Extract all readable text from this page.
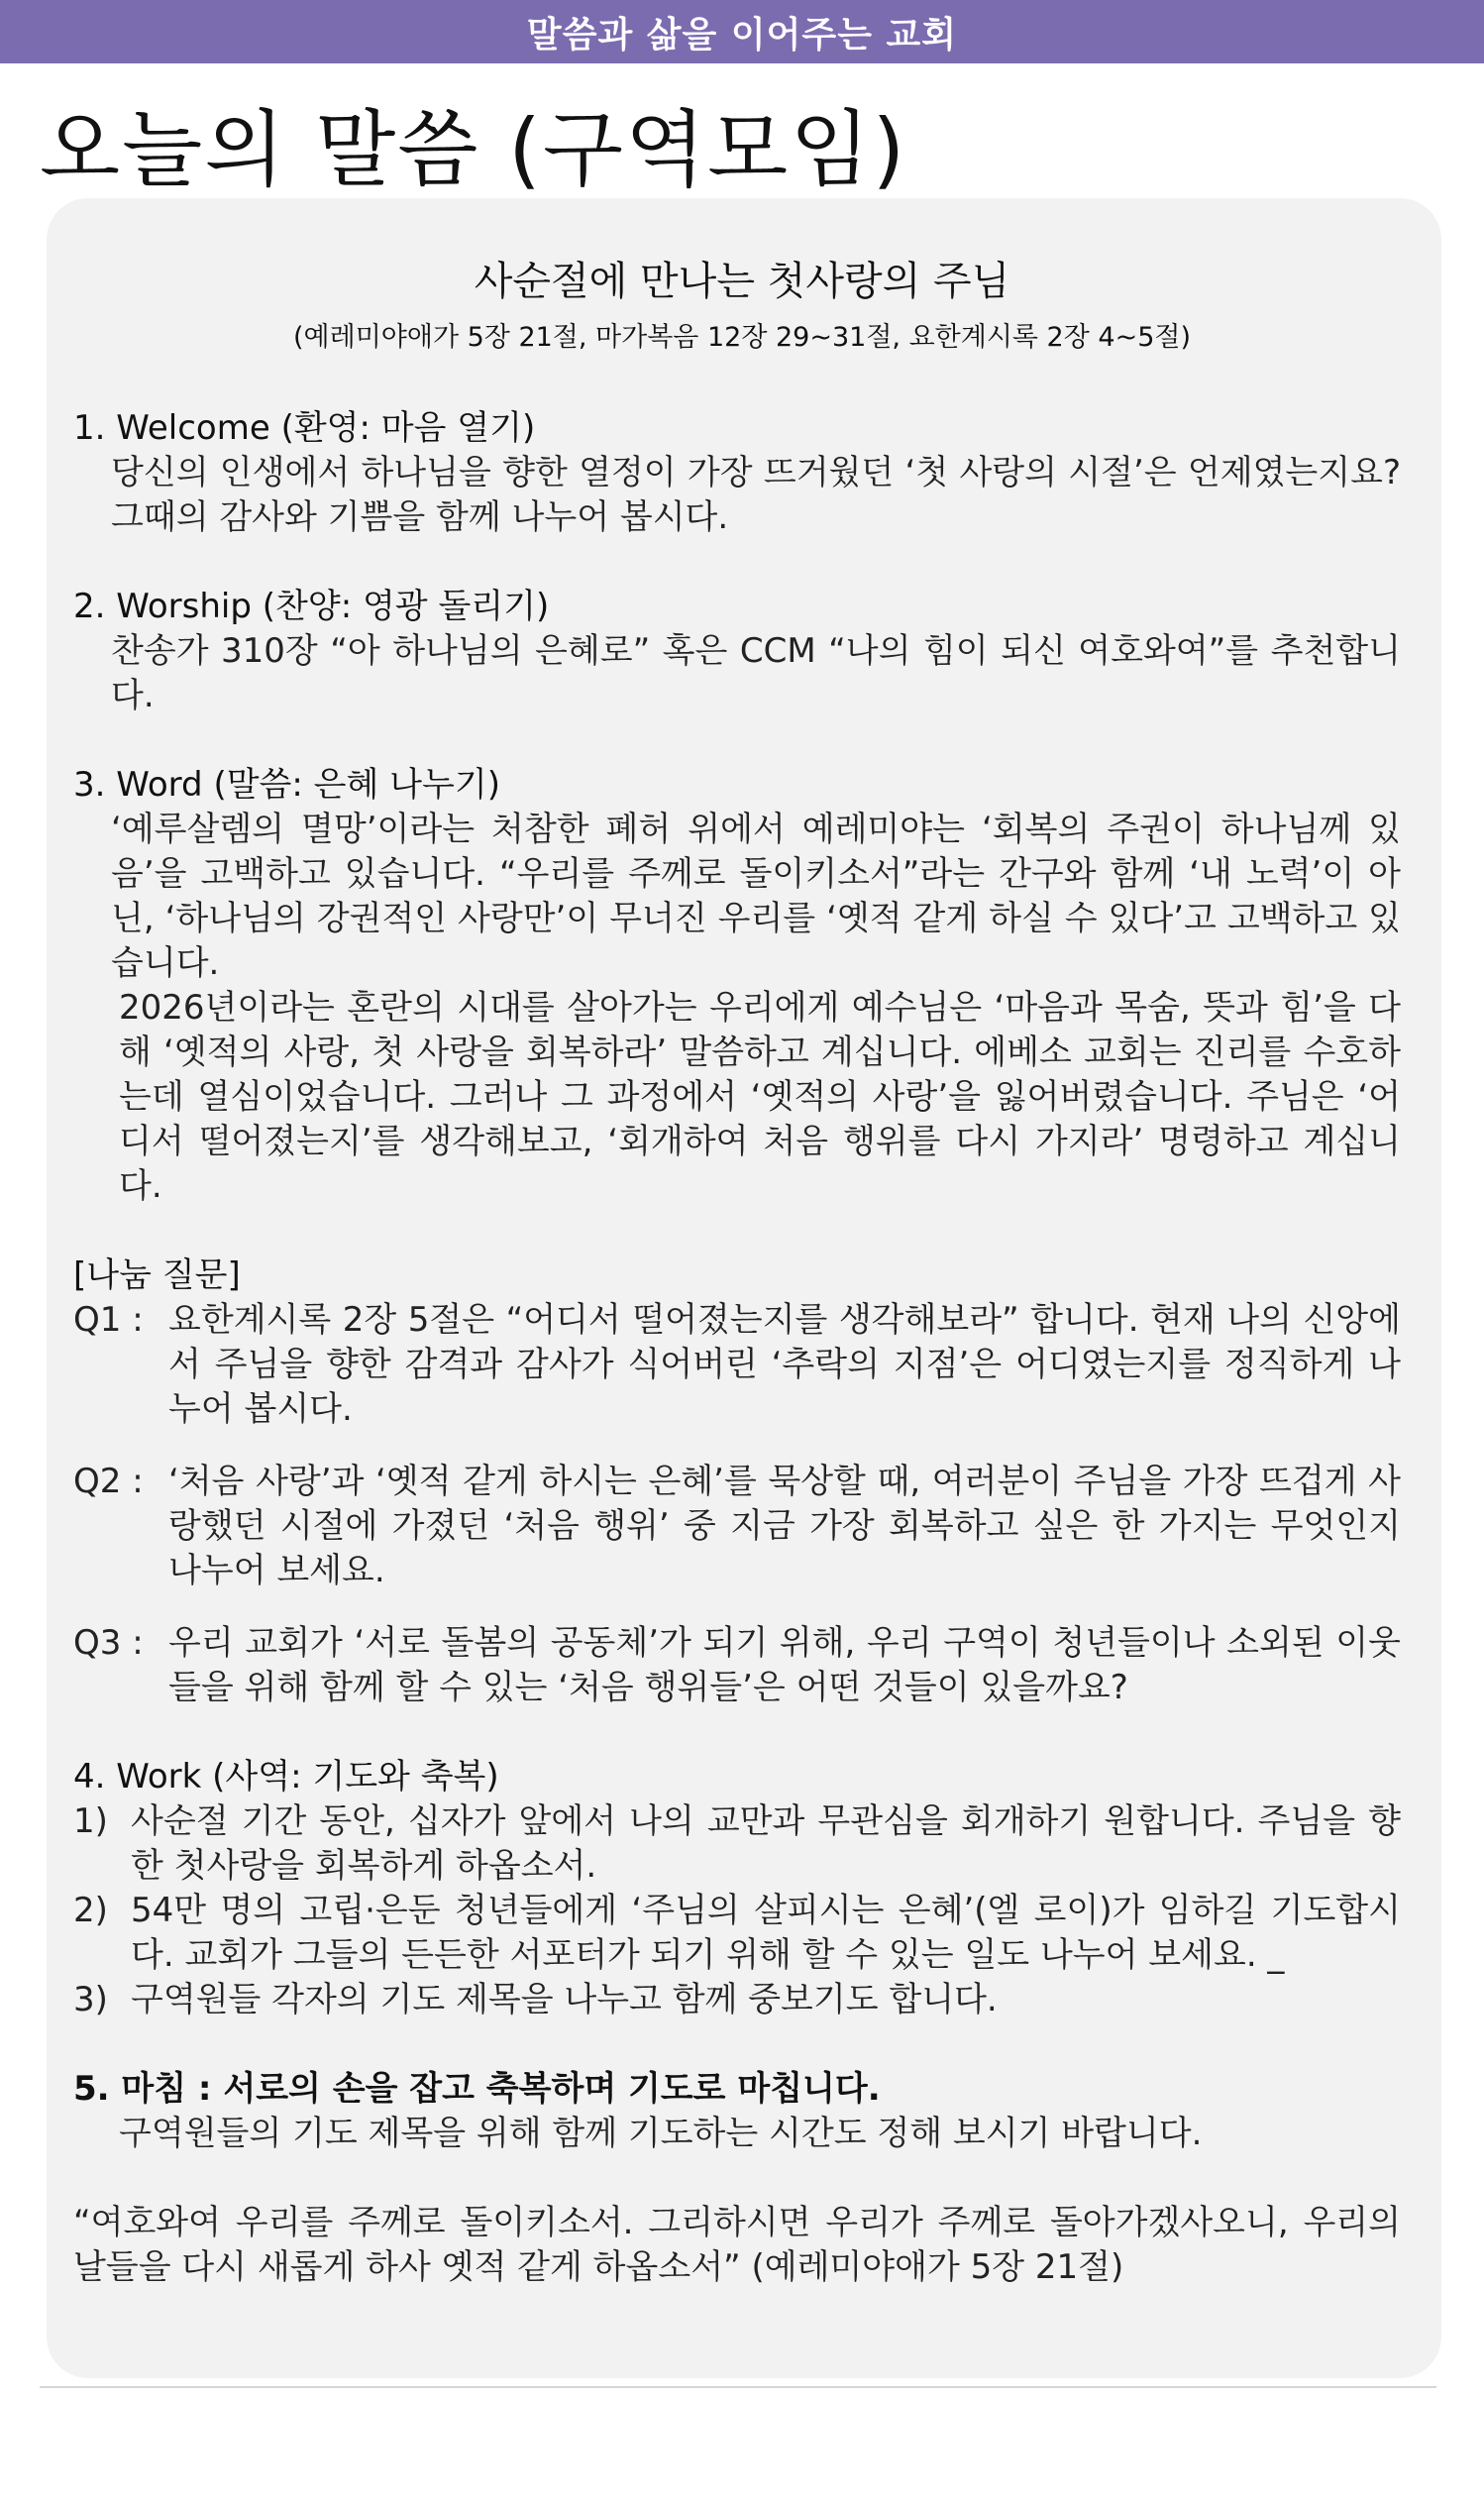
말씀과 삶을 이어주는 교회
오늘의 말씀 (구역모임)
사순절에 만나는 첫사랑의 주님
(예레미야애가 5장 21절, 마가복음 12장 29~31절, 요한계시록 2장 4~5절)

1. Welcome (환영: 마음 열기)

당신의 인생에서 하나님을 향한 열정이 가장 뜨거웠던 ‘첫 사랑의 시절’은 언제였는지요? 그때의 감사와 기쁨을 함께 나누어 봅시다.

2. Worship (찬양: 영광 돌리기)

찬송가 310장 “아 하나님의 은혜로” 혹은 CCM “나의 힘이 되신 여호와여”를 추천합니다.

3. Word (말씀: 은혜 나누기)

‘예루살렘의 멸망’이라는 처참한 폐허 위에서 예레미야는 ‘회복의 주권이 하나님께 있음’을 고백하고 있습니다. “우리를 주께로 돌이키소서”라는 간구와 함께 ‘내 노력’이 아닌, ‘하나님의 강권적인 사랑만’이 무너진 우리를 ‘옛적 같게 하실 수 있다’고 고백하고 있습니다.

2026년이라는 혼란의 시대를 살아가는 우리에게 예수님은 ‘마음과 목숨, 뜻과 힘’을 다해 ‘옛적의 사랑, 첫 사랑을 회복하라’ 말씀하고 계십니다. 에베소 교회는 진리를 수호하는데 열심이었습니다. 그러나 그 과정에서 ‘옛적의 사랑’을 잃어버렸습니다. 주님은 ‘어디서 떨어졌는지’를 생각해보고, ‘회개하여 처음 행위를 다시 가지라’ 명령하고 계십니다.

[나눔 질문]

Q1 : 요한계시록 2장 5절은 “어디서 떨어졌는지를 생각해보라” 합니다. 현재 나의 신앙에서 주님을 향한 감격과 감사가 식어버린 ‘추락의 지점’은 어디였는지를 정직하게 나누어 봅시다.
Q2 : ‘처음 사랑’과 ‘옛적 같게 하시는 은혜’를 묵상할 때, 여러분이 주님을 가장 뜨겁게 사랑했던 시절에 가졌던 ‘처음 행위’ 중 지금 가장 회복하고 싶은 한 가지는 무엇인지 나누어 보세요.
Q3 : 우리 교회가 ‘서로 돌봄의 공동체’가 되기 위해, 우리 구역이 청년들이나 소외된 이웃들을 위해 함께 할 수 있는 ‘처음 행위들’은 어떤 것들이 있을까요?

4. Work (사역: 기도와 축복)

1) 사순절 기간 동안, 십자가 앞에서 나의 교만과 무관심을 회개하기 원합니다. 주님을 향한 첫사랑을 회복하게 하옵소서.
2) 54만 명의 고립·은둔 청년들에게 ‘주님의 살피시는 은혜’(엘 로이)가 임하길 기도합시다. 교회가 그들의 든든한 서포터가 되기 위해 할 수 있는 일도 나누어 보세요. _
3) 구역원들 각자의 기도 제목을 나누고 함께 중보기도 합니다.

5. 마침 : 서로의 손을 잡고 축복하며 기도로 마칩니다.

구역원들의 기도 제목을 위해 함께 기도하는 시간도 정해 보시기 바랍니다.

“여호와여 우리를 주께로 돌이키소서. 그리하시면 우리가 주께로 돌아가겠사오니, 우리의 날들을 다시 새롭게 하사 옛적 같게 하옵소서” (예레미야애가 5장 21절)
